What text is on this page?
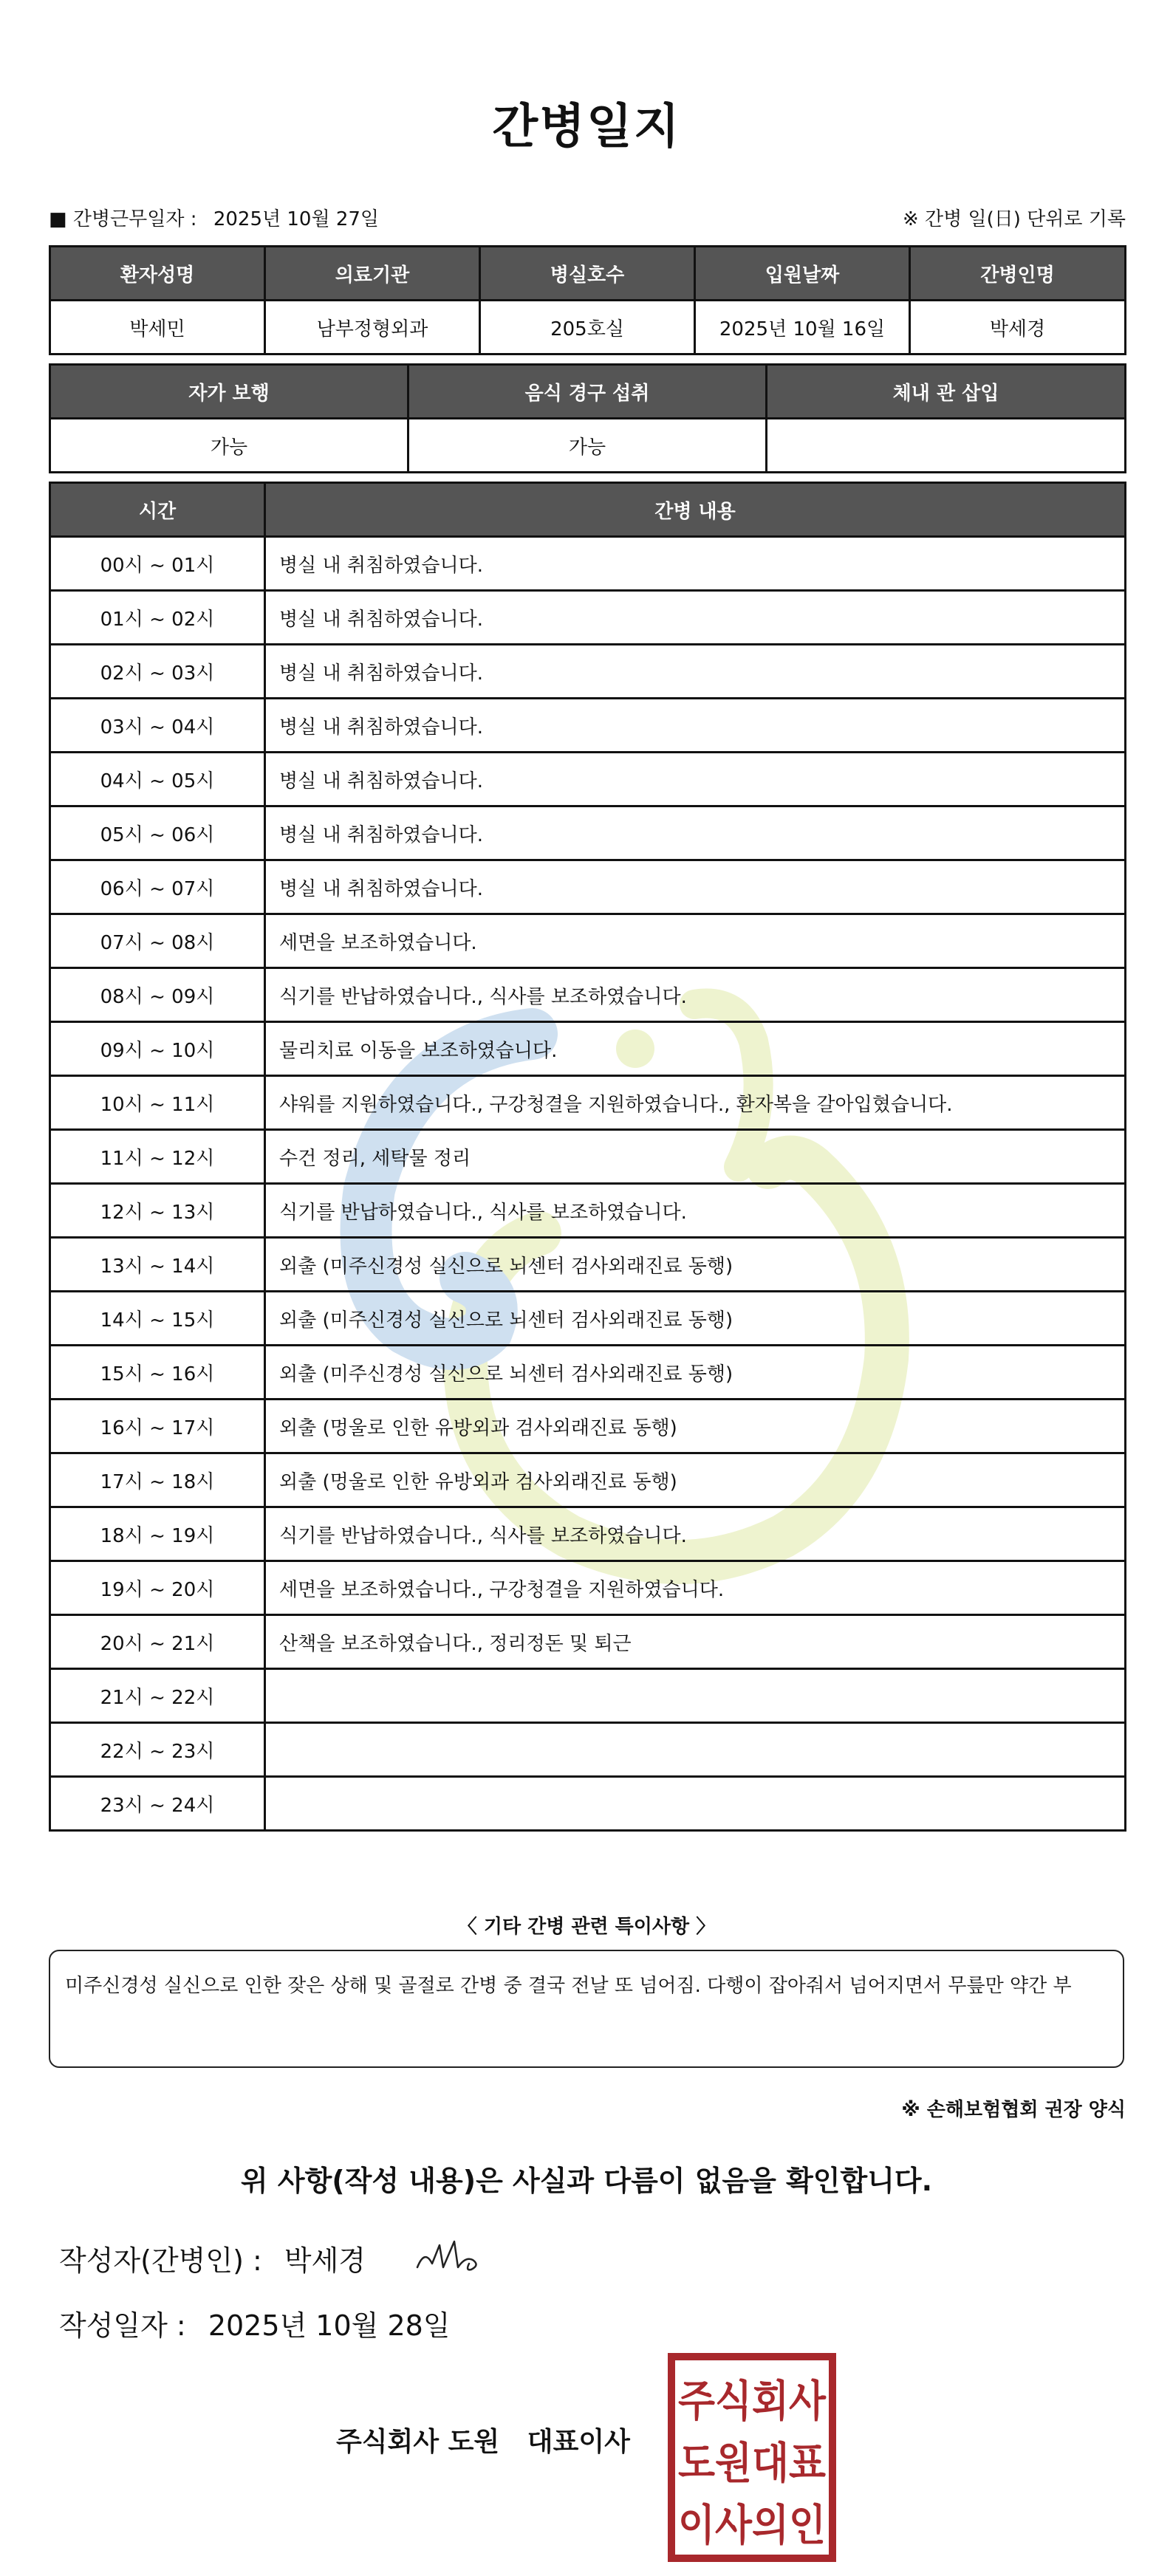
간병일지
■ 간병근무일자 : 2025년 10월 27일	※ 간병 일(日) 단위로 기록
환자성명	의료기관	병실호수	입원날짜	간병인명
박세민	남부정형외과	205호실	2025년 10월 16일	박세경
자가 보행	음식 경구 섭취	체내 관 삽입
가능	가능	
시간	간병 내용
00시 ~ 01시	병실 내 취침하였습니다.
01시 ~ 02시	병실 내 취침하였습니다.
02시 ~ 03시	병실 내 취침하였습니다.
03시 ~ 04시	병실 내 취침하였습니다.
04시 ~ 05시	병실 내 취침하였습니다.
05시 ~ 06시	병실 내 취침하였습니다.
06시 ~ 07시	병실 내 취침하였습니다.
07시 ~ 08시	세면을 보조하였습니다.
08시 ~ 09시	식기를 반납하였습니다., 식사를 보조하였습니다.
09시 ~ 10시	물리치료 이동을 보조하였습니다.
10시 ~ 11시	샤워를 지원하였습니다., 구강청결을 지원하였습니다., 환자복을 갈아입혔습니다.
11시 ~ 12시	수건 정리, 세탁물 정리
12시 ~ 13시	식기를 반납하였습니다., 식사를 보조하였습니다.
13시 ~ 14시	외출 (미주신경성 실신으로 뇌센터 검사외래진료 동행)
14시 ~ 15시	외출 (미주신경성 실신으로 뇌센터 검사외래진료 동행)
15시 ~ 16시	외출 (미주신경성 실신으로 뇌센터 검사외래진료 동행)
16시 ~ 17시	외출 (멍울로 인한 유방외과 검사외래진료 동행)
17시 ~ 18시	외출 (멍울로 인한 유방외과 검사외래진료 동행)
18시 ~ 19시	식기를 반납하였습니다., 식사를 보조하였습니다.
19시 ~ 20시	세면을 보조하였습니다., 구강청결을 지원하였습니다.
20시 ~ 21시	산책을 보조하였습니다., 정리정돈 및 퇴근
21시 ~ 22시	
22시 ~ 23시	
23시 ~ 24시	
〈 기타 간병 관련 특이사항 〉
미주신경성 실신으로 인한 잦은 상해 및 골절로 간병 중 결국 전날 또 넘어짐. 다행이 잡아줘서 넘어지면서 무릎만 약간 부
※ 손해보험협회 권장 양식
위 사항(작성 내용)은 사실과 다름이 없음을 확인합니다.
작성자(간병인) : 박세경
작성일자 : 2025년 10월 28일
주식회사 도원   대표이사
주식회사
도원대표
이사의인
